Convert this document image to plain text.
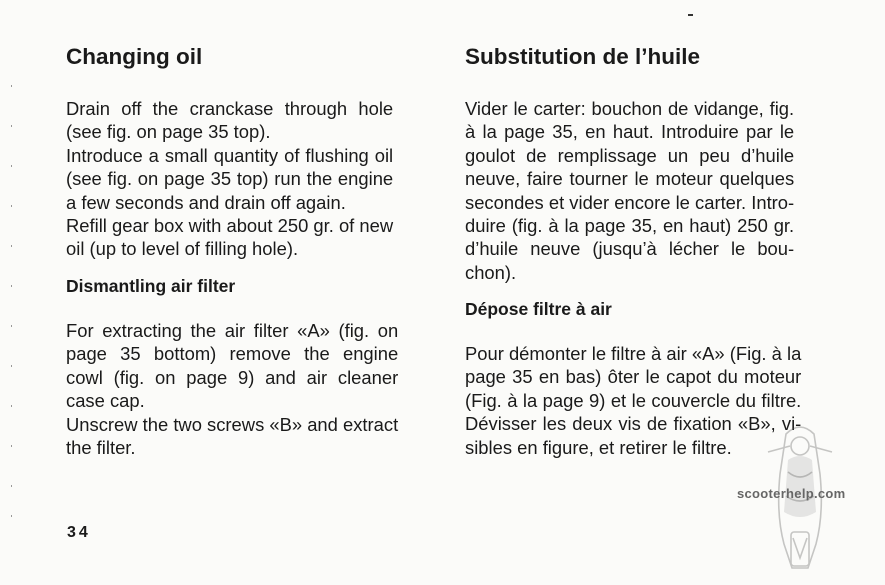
Changing oil

Drain off the cranckase through hole
(see fig. on page 35 top).
Introduce a small quantity of flushing oil
(see fig. on page 35 top) run the engine
a few seconds and drain off again.
Refill gear box with about 250 gr. of new
oil (up to level of filling hole).

Dismantling air filter

For extracting the air filter «A» (fig. on
page 35 bottom) remove the engine
cowl (fig. on page 9) and air cleaner
case cap.
Unscrew the two screws «B» and extract
the filter.

Substitution de l’huile

Vider le carter: bouchon de vidange, fig.
à la page 35, en haut. Introduire par le
goulot de remplissage un peu d’huile
neuve, faire tourner le moteur quelques
secondes et vider encore le carter. Intro-
duire (fig. à la page 35, en haut) 250 gr.
d’huile neuve (jusqu’à lécher le bou-
chon).

Dépose filtre à air

Pour démonter le filtre à air «A» (Fig. à la
page 35 en bas) ôter le capot du moteur
(Fig. à la page 9) et le couvercle du filtre.
Dévisser les deux vis de fixation «B», vi-
sibles en figure, et retirer le filtre.

scooterhelp.com
34
